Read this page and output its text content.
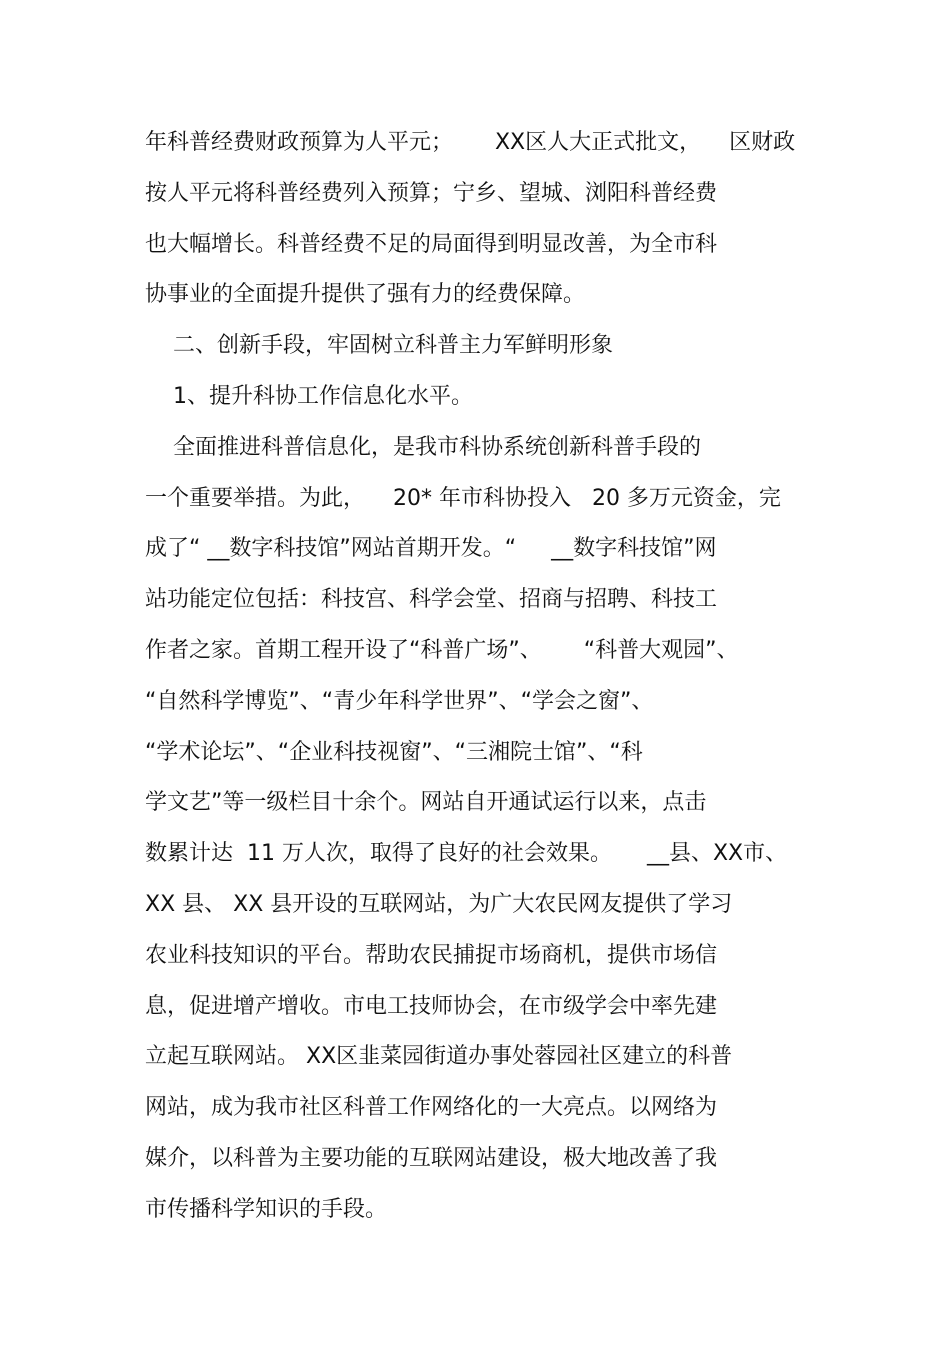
年科普经费财政预算为人平元；      XX区人大正式批文，    区财政
按人平元将科普经费列入预算；宁乡、望城、浏阳科普经费
也大幅增长。科普经费不足的局面得到明显改善，为全市科
协事业的全面提升提供了强有力的经费保障。
二、创新手段，牢固树立科普主力军鲜明形象
1、提升科协工作信息化水平。
全面推进科普信息化，是我市科协系统创新科普手段的
一个重要举措。为此，    20* 年市科协投入   20 多万元资金，完
成了“ __数字科技馆”网站首期开发。“     __数字科技馆”网
站功能定位包括：科技宫、科学会堂、招商与招聘、科技工
作者之家。首期工程开设了“科普广场”、      “科普大观园”、
“自然科学博览”、“青少年科学世界”、“学会之窗”、
“学术论坛”、“企业科技视窗”、“三湘院士馆”、“科
学文艺”等一级栏目十余个。网站自开通试运行以来，点击
数累计达  11 万人次，取得了良好的社会效果。     __县、XX市、
XX 县、 XX 县开设的互联网站，为广大农民网友提供了学习
农业科技知识的平台。帮助农民捕捉市场商机，提供市场信
息，促进增产增收。市电工技师协会，在市级学会中率先建
立起互联网站。 XX区韭菜园街道办事处蓉园社区建立的科普
网站，成为我市社区科普工作网络化的一大亮点。以网络为
媒介，以科普为主要功能的互联网站建设，极大地改善了我
市传播科学知识的手段。
